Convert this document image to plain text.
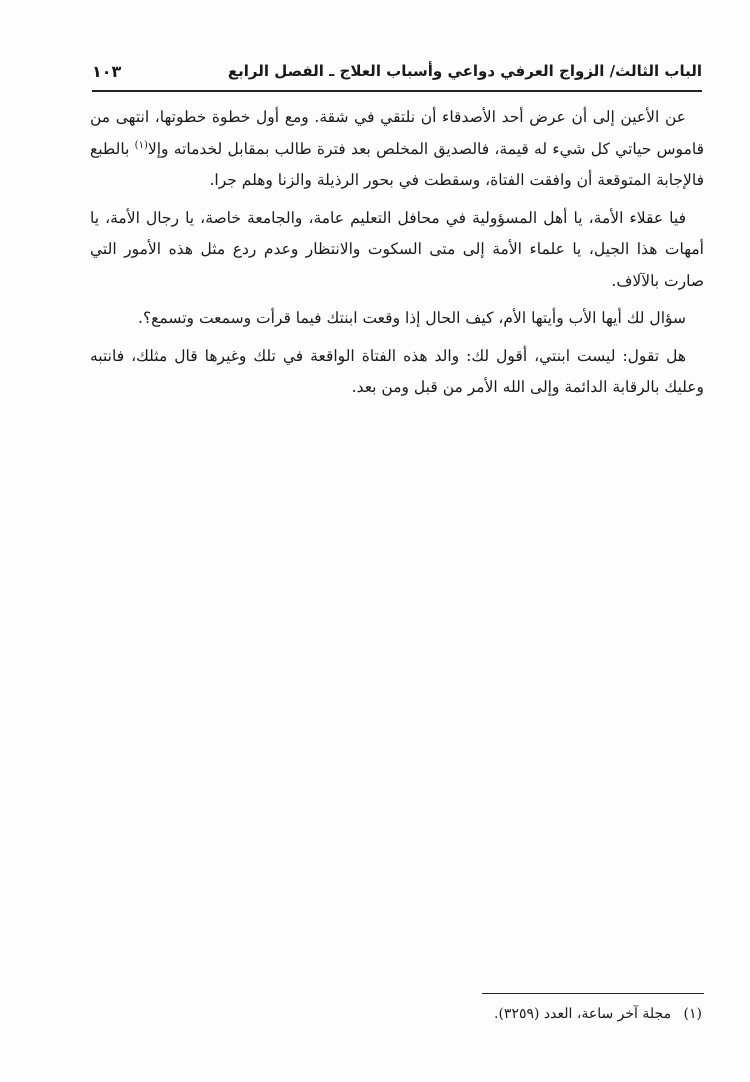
الباب الثالث/ الزواج العرفي دواعي وأسباب العلاج ـ الفصل الرابع
١٠٣

عن الأعين إلى أن عرض أحد الأصدقاء أن نلتقي في شقة. ومع أول خطوة خطوتها، انتهى من قاموس حياتي كل شيء له قيمة، فالصديق المخلص بعد فترة طالب بمقابل لخدماته وإلا$^{(١)}$ بالطبع فالإجابة المتوقعة أن وافقت الفتاة، وسقطت في بحور الرذيلة والزنا وهلم جرا.

فيا عقلاء الأمة، يا أهل المسؤولية في محافل التعليم عامة، والجامعة خاصة، يا رجال الأمة، يا أمهات هذا الجيل، يا علماء الأمة إلى متى السكوت والانتظار وعدم ردع مثل هذه الأمور التي صارت بالآلاف.

سؤال لك أيها الأب وأيتها الأم، كيف الحال إذا وقعت ابنتك فيما قرأت وسمعت وتسمع؟.

هل تقول: ليست ابنتي، أقول لك: والد هذه الفتاة الواقعة في تلك وغيرها قال مثلك، فانتبه وعليك بالرقابة الدائمة وإلى الله الأمر من قبل ومن بعد.

(١) مجلة آخر ساعة، العدد (٣٢٥٩).
